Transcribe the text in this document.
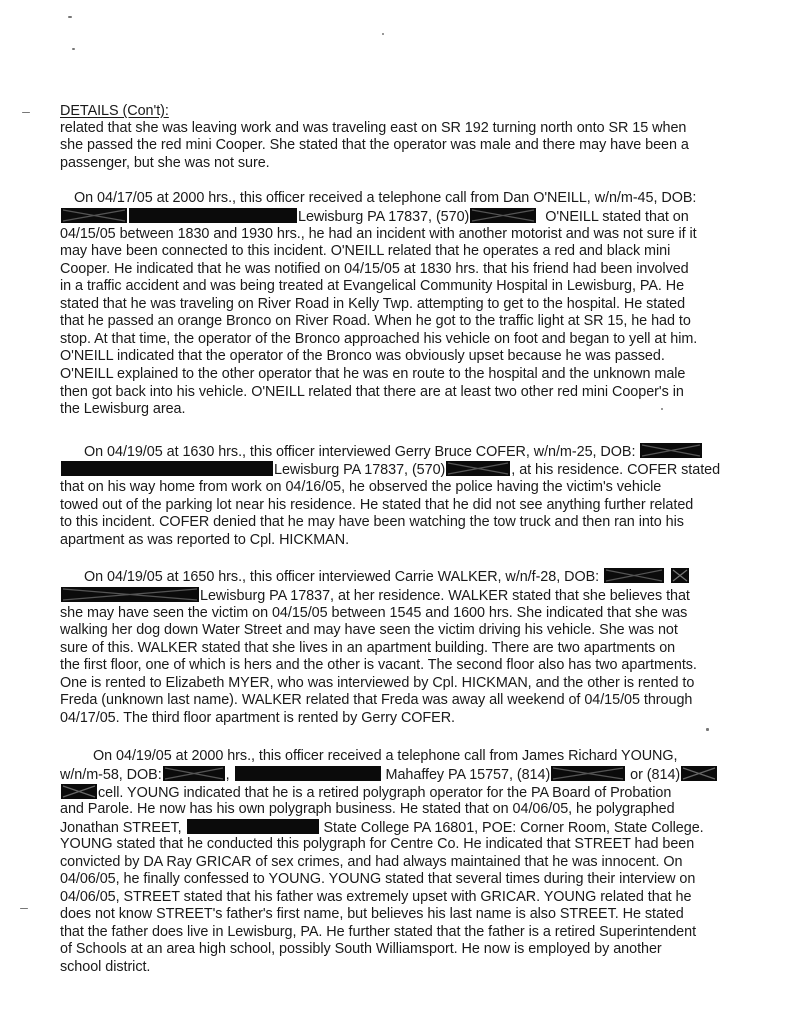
DETAILS (Con't):
related that she was leaving work and was traveling east on SR 192 turning north onto SR 15 when
she passed the red mini Cooper. She stated that the operator was male and there may have been a
passenger, but she was not sure.
On 04/17/05 at 2000 hrs., this officer received a telephone call from Dan O'NEILL, w/n/m-45, DOB:
Lewisburg PA 17837, (570)	O'NEILL stated that on
04/15/05 between 1830 and 1930 hrs., he had an incident with another motorist and was not sure if it
may have been connected to this incident. O'NEILL related that he operates a red and black mini
Cooper. He indicated that he was notified on 04/15/05 at 1830 hrs. that his friend had been involved
in a traffic accident and was being treated at Evangelical Community Hospital in Lewisburg, PA. He
stated that he was traveling on River Road in Kelly Twp. attempting to get to the hospital. He stated
that he passed an orange Bronco on River Road. When he got to the traffic light at SR 15, he had to
stop. At that time, the operator of the Bronco approached his vehicle on foot and began to yell at him.
O'NEILL indicated that the operator of the Bronco was obviously upset because he was passed.
O'NEILL explained to the other operator that he was en route to the hospital and the unknown male
then got back into his vehicle. O'NEILL related that there are at least two other red mini Cooper's in
the Lewisburg area.
On 04/19/05 at 1630 hrs., this officer interviewed Gerry Bruce COFER, w/n/m-25, DOB:
Lewisburg PA 17837, (570)	, at his residence. COFER stated
that on his way home from work on 04/16/05, he observed the police having the victim's vehicle
towed out of the parking lot near his residence. He stated that he did not see anything further related
to this incident. COFER denied that he may have been watching the tow truck and then ran into his
apartment as was reported to Cpl. HICKMAN.
On 04/19/05 at 1650 hrs., this officer interviewed Carrie WALKER, w/n/f-28, DOB:
Lewisburg PA 17837, at her residence. WALKER stated that she believes that
she may have seen the victim on 04/15/05 between 1545 and 1600 hrs. She indicated that she was
walking her dog down Water Street and may have seen the victim driving his vehicle. She was not
sure of this. WALKER stated that she lives in an apartment building. There are two apartments on
the first floor, one of which is hers and the other is vacant. The second floor also has two apartments.
One is rented to Elizabeth MYER, who was interviewed by Cpl. HICKMAN, and the other is rented to
Freda (unknown last name). WALKER related that Freda was away all weekend of 04/15/05 through
04/17/05. The third floor apartment is rented by Gerry COFER.
On 04/19/05 at 2000 hrs., this officer received a telephone call from James Richard YOUNG,
w/n/m-58, DOB:	,	Mahaffey PA 15757, (814)	or (814)
cell. YOUNG indicated that he is a retired polygraph operator for the PA Board of Probation
and Parole. He now has his own polygraph business. He stated that on 04/06/05, he polygraphed
Jonathan STREET,	State College PA 16801, POE: Corner Room, State College.
YOUNG stated that he conducted this polygraph for Centre Co. He indicated that STREET had been
convicted by DA Ray GRICAR of sex crimes, and had always maintained that he was innocent. On
04/06/05, he finally confessed to YOUNG. YOUNG stated that several times during their interview on
04/06/05, STREET stated that his father was extremely upset with GRICAR. YOUNG related that he
does not know STREET's father's first name, but believes his last name is also STREET. He stated
that the father does live in Lewisburg, PA. He further stated that the father is a retired Superintendent
of Schools at an area high school, possibly South Williamsport. He now is employed by another
school district.
